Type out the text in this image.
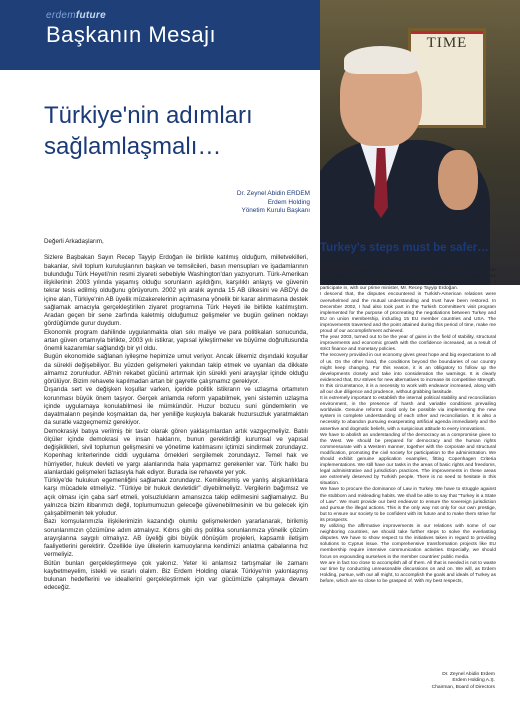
erdemfuture
Başkanın Mesajı	TIME
Türkiye'nin adımları
sağlamlaşmalı…
Dr. Zeynel Abidin ERDEM
Erdem Holding
Yönetim Kurulu Başkanı

Değerli Arkadaşlarım,

Sizlere Başbakan Sayın Recep Tayyip Erdoğan ile birlikte katılmış olduğum, milletvekilleri, bakanlar, sivil toplum kuruluşlarının başkan ve temsilcileri, basın mensupları ve işadamlarının bulunduğu Türk Heyeti'nin resmi ziyareti sebebiyle Washington'dan yazıyorum. Türk-Amerikan ilişkilerinin 2003 yılında yaşamış olduğu sorunların aşıldığını, karşılıklı anlayış ve güvenin tekrar tesis edilmiş olduğunu görüyorum. 2002 yılı aralık ayında 15 AB ülkesini ve ABD'yi de içine alan, Türkiye'nin AB üyelik müzakerelerinin açılmasına yönelik bir karar alınmasına destek sağlamak amacıyla gerçekleştirilen ziyaret programına Türk Heyeti ile birlikte katılmıştım. Aradan geçen bir sene zarfında kaletmiş olduğumuz gelişmeler ve bugün gelinen noktayı gördüğümde gurur duydum.

Ekonomik program dahilinde uygulanmakta olan sıkı maliye ve para politikaları sonucunda, artan güven ortamıyla birlikte, 2003 yılı istikrar, yapısal iyileştirmeler ve büyüme doğrultusunda önemli kazanımlar sağlandığı bir yıl oldu.

Bugün ekonomide sağlanan iyileşme hepimize umut veriyor. Ancak ülkemiz dışındaki koşullar da sürekli değişebiliyor. Bu yüzden gelişmeleri yakından takip etmek ve uyanları da dikkate almamız zorunludur. AB'nin rekabet gücünü artırmak için sürekli yeni arayışlar içinde olduğu görülüyor. Bizim rehavete kapılmadan artan bir gayretle çalışmamız gerekiyor.

Dışarıda sert ve değişken koşullar varken, içeride politik istikrarın ve uzlaşma ortamının korunması büyük önem taşıyor. Gerçek anlamda reform yapabilmek, yeni sistemin uzlaşma içinde uygulamaya konulabilmesi ile mümkündür. Huzur bozucu suni gündemlerin ve dayatmaların peşinde koşmaktan da, her yeniliğe kuşkuyla bakarak huzursuzluk yaratmaktan da suratle vazgeçmemiz gerekiyor.

Demokrasiyi batıya verilmiş bir taviz olarak gören yaklaşımlardan artık vazgeçmeliyiz. Batılı ölçüler içinde demokrasi ve insan haklarını, bunun gerektirdiği kurumsal ve yapısal değişiklikleri, sivil toplumun gelişmesini ve yönetime katılmasını içtimizi sindirmek zorundayız. Kopenhag kriterlerinde ciddi uygulama örnekleri sergilemek zorundayız. Temel hak ve hürriyetler, hukuk devleti ve yargı alanlarında hala yapmamız gerekenler var. Türk halkı bu alanlardaki gelişmeleri fazlasıyla hak ediyor. Burada ise rehavete yer yok.

Türkiye'de hukukun egemenliğini sağlamak zorundayız. Kemikleşmiş ve yanlış alışkanlıklara karşı mücadele etmeliyiz. "Türkiye bir hukuk devletidir" diyebilmeliyiz. Vergilerin bağımsız ve açık olması için çaba sarf etmeli, yolsuzlukların amansızca takip edilmesini sağlamalıyız. Bu yalnızca bizim itibarımızı değil, toplumumuzun geleceğe güvenebilmesinin ve bu gelecek için çalışabilmenin tek yoludur.

Bazı komşularımızla ilişkilerimizin kazandığı olumlu gelişmelerden yararlanarak, birikmiş sorunlarımızın çözümüne adım atmalıyız. Kıbrıs gibi dış politika sorunlarımıza yönelik çözüm arayışlarına saygılı olmalıyız. AB üyeliği gibi büyük dönüşüm projeleri, kapsamlı iletişim faaliyetlerini gerektirir. Özellikle üye ülkelerin kamuoylarına kendimizi anlatma çabalarına hız vermeliyiz.

Bütün bunları gerçekleştirmeye çok yakınız. Yeter ki anlamsız tartışmalar ile zamanı kaybetmeyelim, istekli ve ısrarlı olalım. Biz Erdem Holding olarak Türkiye'nin yakınlaşmış bulunan hedeflerini ve idealleriní gerçekleştirmek için var gücümüzle çalışmaya devam edeceğiz.

Turkey's steps must be safer…

Dear Friends,

I'm writing this essay from Washington owing to the official visit of Turkish Committee including the parliamentarians, ministers, chairmen and representatives of civilian community organizations, journalists and businessmen, which I participate in, with our prime minister, Mr. Recep Tayyip Erdoğan.

I descend that, the disputes encountered in Turkish-American relations were overwhelmed and the mutual understanding and trust have been restored. In December 2002, I had also took part in the Turkish Committee's visit program implemented for the purpose of procreating the negotiations between Turkey and EU on union membership, including 15 EU member countries and USA. The improvements traversed and the point attained during this period of time, make me proud of our accomplishment achieved.

The year 2003, turned out to be the year of gains in the field of stability, structural improvements and economic growth with the confidence increased, as a result of strict finance and monetary policies.

The recovery provided in our economy gives great hope and big expectations to all of us. On the other hand, the conditions beyond the boundaries of our country might keep changing. For this reason, it is an obligatory to follow up the developments closely and take into consideration the warnings. It is clearly evidenced that, EU strives for new alternatives to increase its competitive strength. In this circumstance, it is a necessity to work with endeavor increased, along with all our due diligence and prudence, without grabbing lassitude.

It is extremely important to establish the internal political stability and reconciliation environment, in the presence of harsh and variable conditions prevailing worldwide. Genuine reforms could only be possible via implementing the new system in complete understanding of each other and reconciliation. It is also a necessity to abandon pursuing exasperating artificial agenda immediately and the assertive and dogmatic beliefs, with a suspicious attitude to every innovations.

We have to abolish an understanding of the democracy as a compromise given to the West. We should be prepared for democracy and the human rights commensurate with a Western manner, together with the corporate and structural modification, promoting the civil society for participation to the administration. We should exhibit genuine application examples, fitting Copenhagen Criteria implementations. We still have our tasks in the areas of basic rights and freedoms, legal administrative and jurisdiction practices. The improvements in these areas are extremely deserved by Turkish people. There is no need to hesitate in this situation.

We have to procure the dominance of Law in Turkey. We have to struggle against the stubborn and misleading habits. We shall be able to say that "Turkey is a State of Law". We must provide our best endeavor to ensure the sovereign jurisdiction and pursue the illegal actions. This is the only way not only for our own prestige, but to ensure our society to be confident with its future and to make them strive for its prospects.

By utilizing the affirmative improvements in our relations with some of our neighboring countries, we should take further steps to solve the everlasting disputes. We have to show respect to the initiatives taken in regard to providing solutions to Cyprus issue. The comprehensive transformation projects like EU membership require intensive communication activities. Especially, we should focus on expounding ourselves in the member countries' public media.

We are in fact too close to accomplish all of them. All that is needed is not to waste our time by conducting unreasonable discussions on and on. We will, as Erdem Holding, pursue, with our all might, to accomplish the goals and ideals of Turkey as before, which are so close to be grasped of. With my best respects,

Dr. Zeynel Abidin Erdem
Erdem Holding A.Ş.
Chairman, Board of Directors
